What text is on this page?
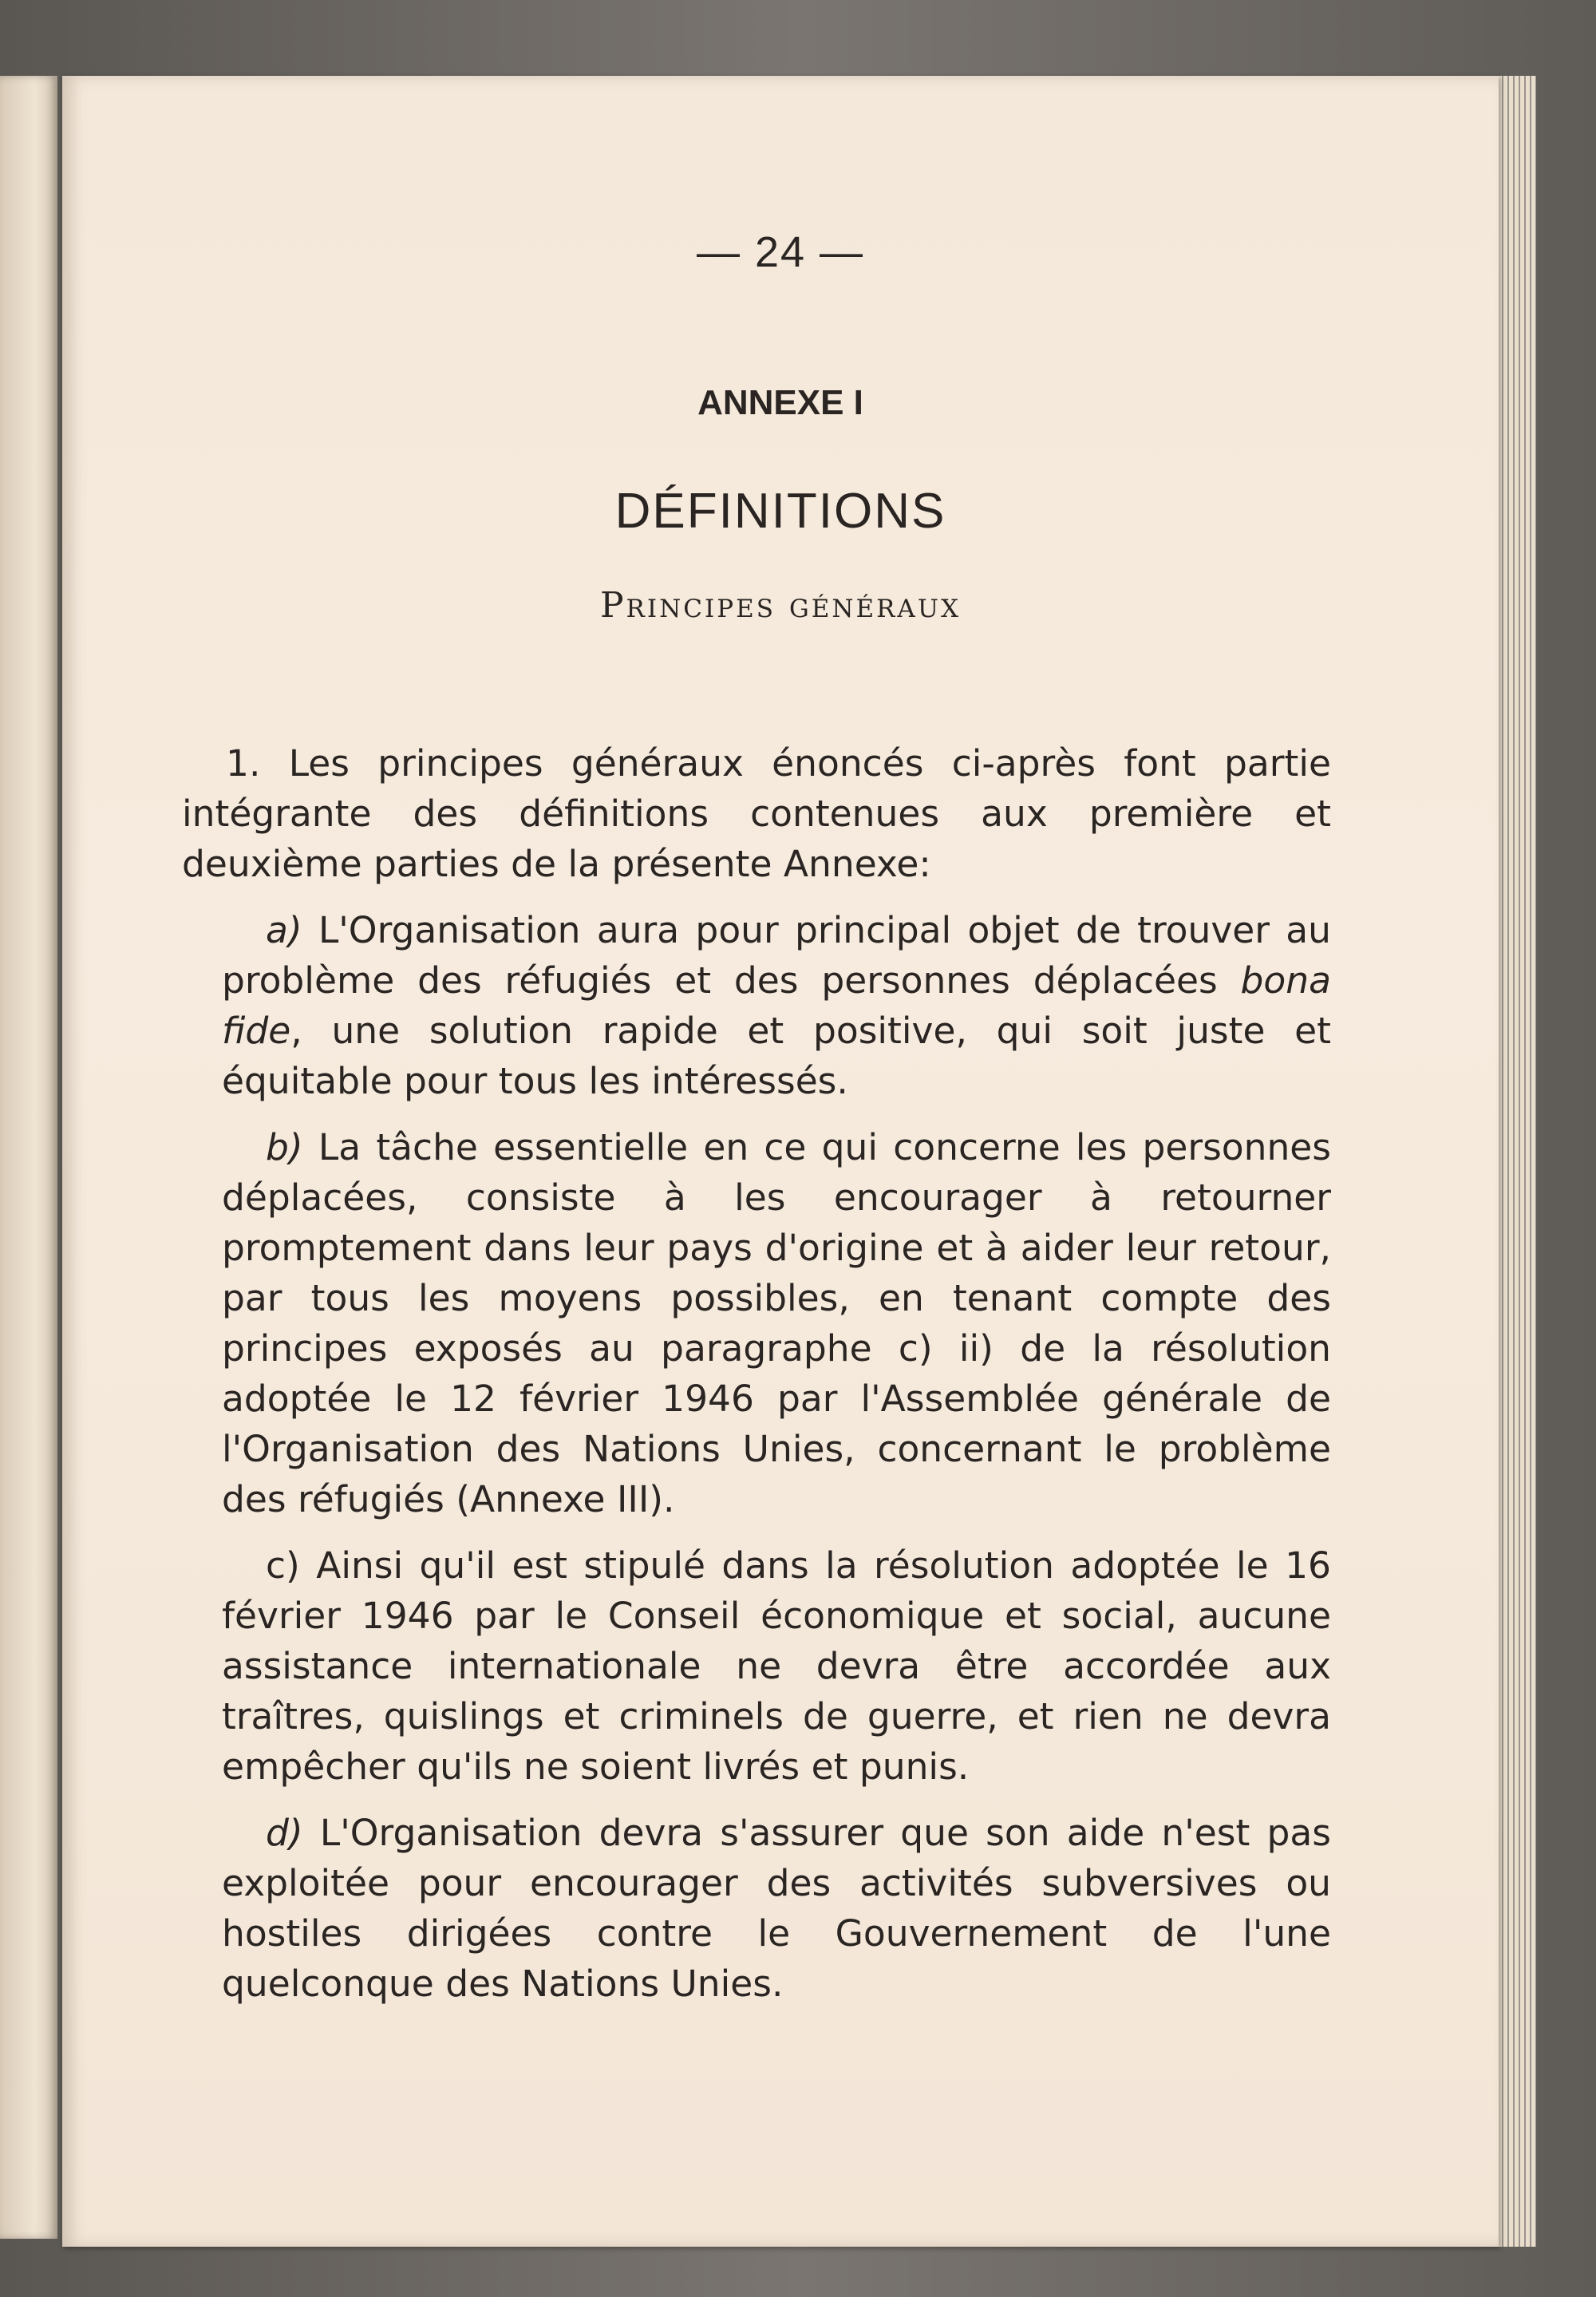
— 24 —
ANNEXE I
DÉFINITIONS
Principes généraux

1. Les principes généraux énoncés ci-après font partie intégrante des définitions contenues aux première et deuxième parties de la présente Annexe:

a) L'Organisation aura pour principal objet de trouver au problème des réfugiés et des personnes déplacées bona fide, une solution rapide et positive, qui soit juste et équitable pour tous les intéressés.

b) La tâche essentielle en ce qui concerne les personnes déplacées, consiste à les encourager à retourner promptement dans leur pays d'origine et à aider leur retour, par tous les moyens possibles, en tenant compte des principes exposés au paragraphe c) ii) de la résolution adoptée le 12 février 1946 par l'Assemblée générale de l'Organisation des Nations Unies, concernant le problème des réfugiés (Annexe III).

c) Ainsi qu'il est stipulé dans la résolution adoptée le 16 février 1946 par le Conseil économique et social, aucune assistance internationale ne devra être accordée aux traîtres, quislings et criminels de guerre, et rien ne devra empêcher qu'ils ne soient livrés et punis.

d) L'Organisation devra s'assurer que son aide n'est pas exploitée pour encourager des activités subversives ou hostiles dirigées contre le Gouvernement de l'une quelconque des Nations Unies.
